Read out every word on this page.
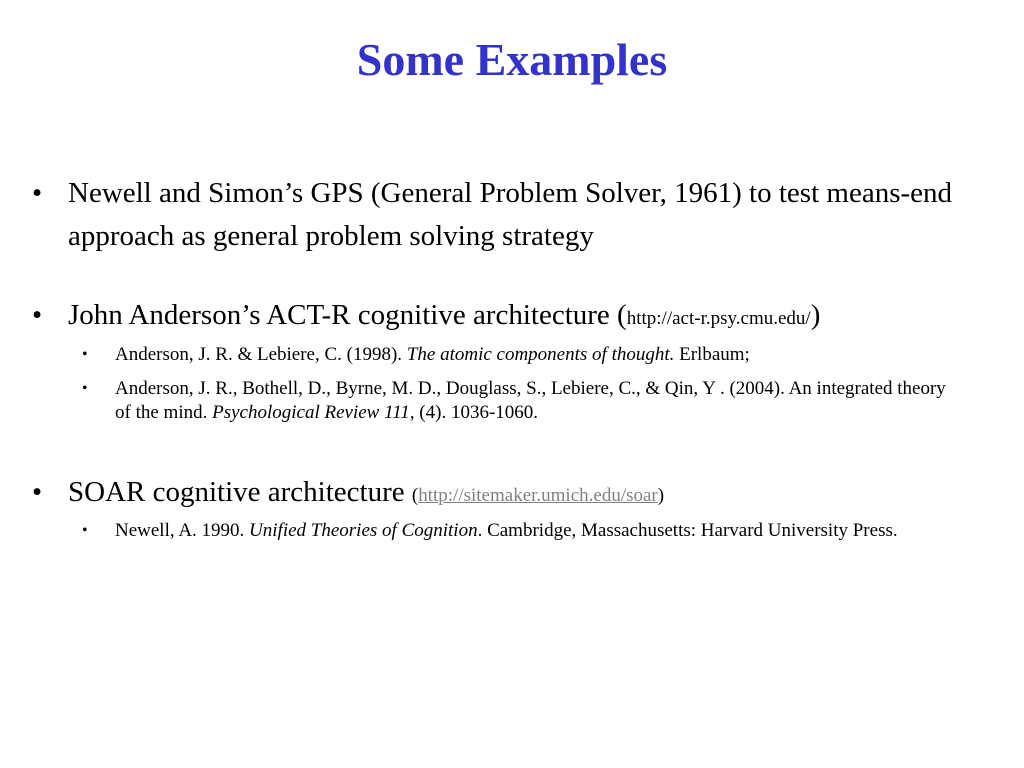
Some Examples
• Newell and Simon’s GPS (General Problem Solver, 1961) to test means-end approach as general problem solving strategy
• John Anderson’s ACT-R cognitive architecture (http://act-r.psy.cmu.edu/)
• Anderson, J. R. & Lebiere, C. (1998). The atomic components of thought. Erlbaum;
• Anderson, J. R., Bothell, D., Byrne, M. D., Douglass, S., Lebiere, C., & Qin, Y . (2004). An integrated theory of the mind. Psychological Review 111, (4). 1036-1060.
• SOAR cognitive architecture (http://sitemaker.umich.edu/soar)
• Newell, A. 1990. Unified Theories of Cognition. Cambridge, Massachusetts: Harvard University Press.
